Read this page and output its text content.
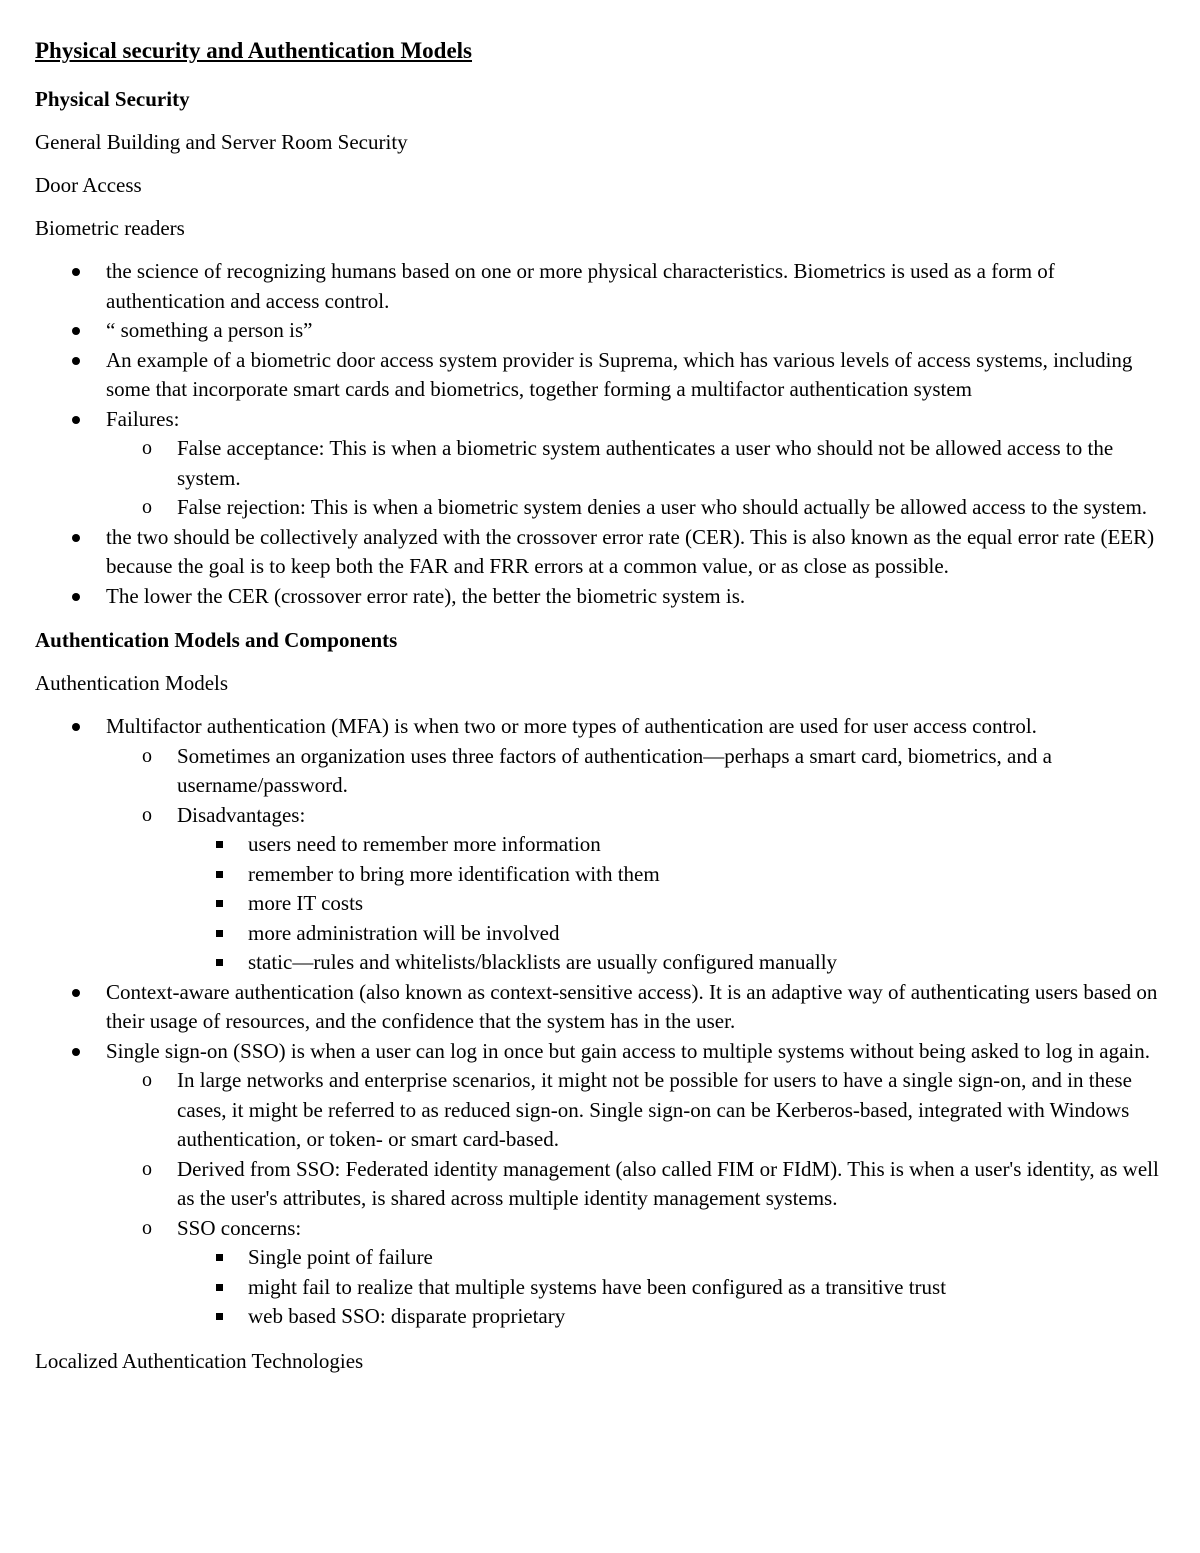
Physical security and Authentication Models
Physical Security
General Building and Server Room Security
Door Access
Biometric readers
the science of recognizing humans based on one or more physical characteristics. Biometrics is used as a form of authentication and access control.
“ something a person is”
An example of a biometric door access system provider is Suprema, which has various levels of access systems, including some that incorporate smart cards and biometrics, together forming a multifactor authentication system
Failures:
o False acceptance: This is when a biometric system authenticates a user who should not be allowed access to the system.
o False rejection: This is when a biometric system denies a user who should actually be allowed access to the system.
the two should be collectively analyzed with the crossover error rate (CER). This is also known as the equal error rate (EER) because the goal is to keep both the FAR and FRR errors at a common value, or as close as possible.
The lower the CER (crossover error rate), the better the biometric system is.
Authentication Models and Components
Authentication Models
Multifactor authentication (MFA) is when two or more types of authentication are used for user access control.
o Sometimes an organization uses three factors of authentication—perhaps a smart card, biometrics, and a username/password.
o Disadvantages:
users need to remember more information
remember to bring more identification with them
more IT costs
more administration will be involved
static—rules and whitelists/blacklists are usually configured manually
Context-aware authentication (also known as context-sensitive access). It is an adaptive way of authenticating users based on their usage of resources, and the confidence that the system has in the user.
Single sign-on (SSO) is when a user can log in once but gain access to multiple systems without being asked to log in again.
o In large networks and enterprise scenarios, it might not be possible for users to have a single sign-on, and in these cases, it might be referred to as reduced sign-on. Single sign-on can be Kerberos-based, integrated with Windows authentication, or token- or smart card-based.
o Derived from SSO: Federated identity management (also called FIM or FIdM). This is when a user's identity, as well as the user's attributes, is shared across multiple identity management systems.
o SSO concerns:
Single point of failure
might fail to realize that multiple systems have been configured as a transitive trust
web based SSO: disparate proprietary
Localized Authentication Technologies
